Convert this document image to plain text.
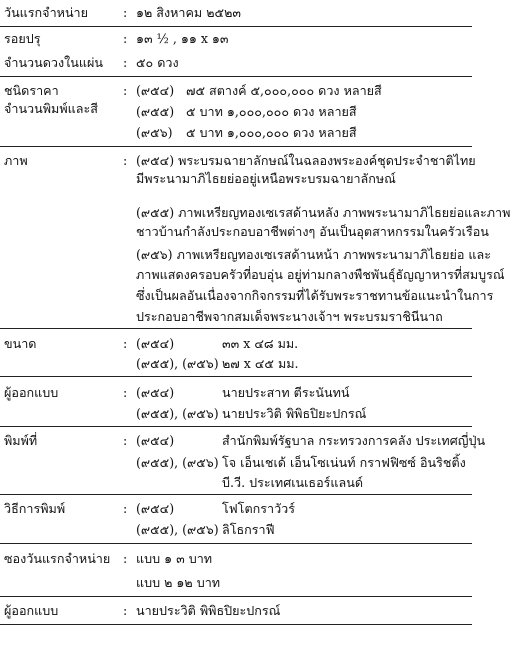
วันแรกจำหน่าย	: ๑๒ สิงหาคม ๒๕๒๓
รอยปรุ	: ๑๓ ½ , ๑๑ x ๑๓
จำนวนดวงในแผ่น : ๕๐ ดวง
ชนิดราคา
จำนวนพิมพ์และสี
: (๙๕๔) ๗๕ สตางค์ ๕,๐๐๐,๐๐๐ ดวง หลายสี
(๙๕๕) ๕ บาท ๑,๐๐๐,๐๐๐ ดวง หลายสี
(๙๕๖) ๕ บาท ๑,๐๐๐,๐๐๐ ดวง หลายสี
ภาพ	: (๙๕๔) พระบรมฉายาลักษณ์ในฉลองพระองค์ชุดประจำชาติไทย
มีพระนามาภิไธยย่ออยู่เหนือพระบรมฉายาลักษณ์
(๙๕๕) ภาพเหรียญทองเซเรสด้านหลัง ภาพพระนามาภิไธยย่อและภาพ
ชาวบ้านกำลังประกอบอาชีพต่างๆ อันเป็นอุตสาหกรรมในครัวเรือน
(๙๕๖) ภาพเหรียญทองเซเรสด้านหน้า ภาพพระนามาภิไธยย่อ และ
ภาพแสดงครอบครัวที่อบอุ่น อยู่ท่ามกลางพืชพันธุ์ธัญญาหารที่สมบูรณ์
ซึ่งเป็นผลอันเนื่องจากกิจกรรมที่ได้รับพระราชทานข้อแนะนำในการ
ประกอบอาชีพจากสมเด็จพระนางเจ้าฯ พระบรมราชินีนาถ
ขนาด	: (๙๕๔)	๓๓ x ๔๘ มม.
(๙๕๕), (๙๕๖) ๒๗ x ๔๕ มม.
ผู้ออกแบบ	: (๙๕๔)	นายประสาท ตีระนันทน์
(๙๕๕), (๙๕๖) นายประวิติ พิพิธปิยะปกรณ์
พิมพ์ที่	: (๙๕๔)	สำนักพิมพ์รัฐบาล กระทรวงการคลัง ประเทศญี่ปุ่น
(๙๕๕), (๙๕๖) โจ เอ็นเชเด้ เอ็นโซเน่นท์ กราฟฟิซซ์ อินริชติ้ง
บี.วี. ประเทศเนเธอร์แลนด์
วิธีการพิมพ์	: (๙๕๔)	โฟโตกราวัวร์
(๙๕๕), (๙๕๖) ลิโธกราฟี
ซองวันแรกจำหน่าย : แบบ ๑ ๓ บาท
แบบ ๒ ๑๒ บาท
ผู้ออกแบบ	: นายประวิติ พิพิธปิยะปกรณ์
